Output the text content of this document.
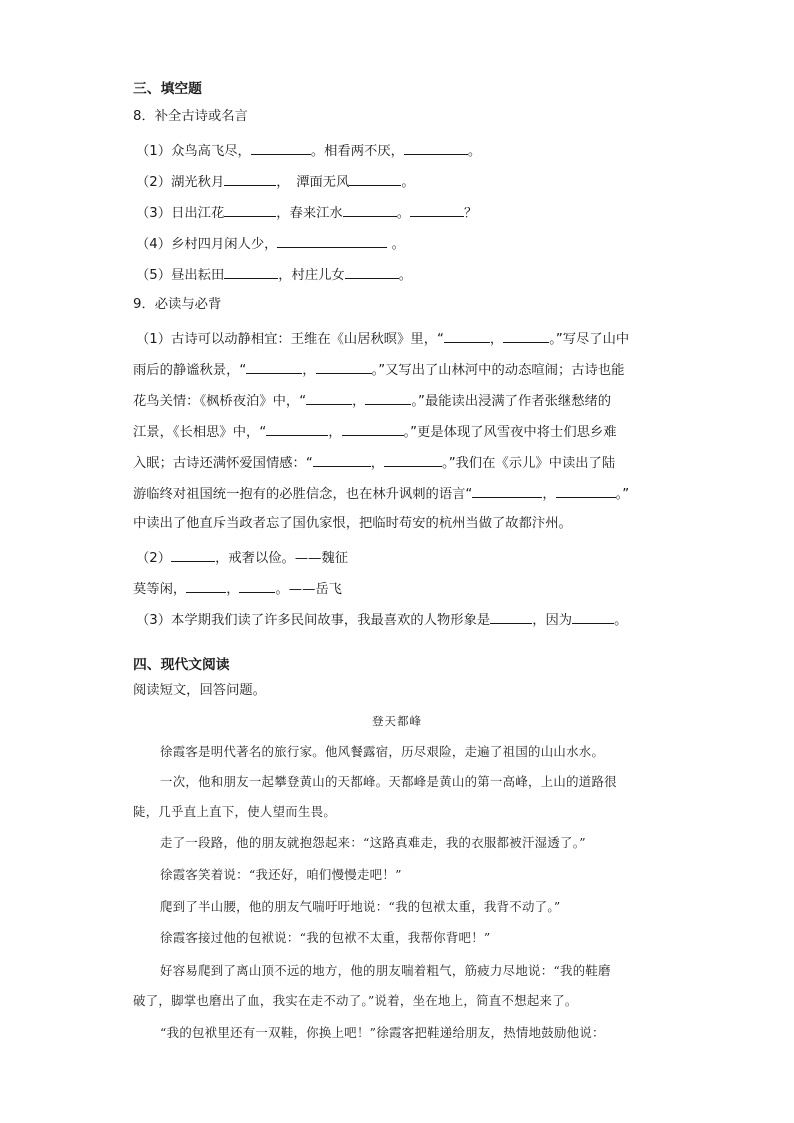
三、填空题
8．补全古诗或名言
（1）众鸟高飞尽，	。相看两不厌，	。
（2）湖光秋月	，　潭面无风	。
（3）日出江花	，春来江水	。	？
（4）乡村四月闲人少，	。
（5）昼出耘田	，村庄儿女	。
9．必读与必背
（1）古诗可以动静相宜：王维在《山居秋暝》里，“	，	。”写尽了山中
雨后的静谧秋景，“	，	。”又写出了山林河中的动态喧闹；古诗也能
花鸟关情：《枫桥夜泊》中，“	，	。”最能读出浸满了作者张继愁绪的
江景，《长相思》中，“	，	。”更是体现了风雪夜中将士们思乡难
入眠；古诗还满怀爱国情感：“	，	。”我们在《示儿》中读出了陆
游临终对祖国统一抱有的必胜信念，也在林升讽刺的语言“	，	。”
中读出了他直斥当政者忘了国仇家恨，把临时苟安的杭州当做了故都汴州。
（2）	，戒奢以俭。——魏征
莫等闲，	，	。——岳飞
（3）本学期我们读了许多民间故事，我最喜欢的人物形象是	，因为	。
四、现代文阅读
阅读短文，回答问题。
登天都峰
徐霞客是明代著名的旅行家。他风餐露宿，历尽艰险，走遍了祖国的山山水水。
一次，他和朋友一起攀登黄山的天都峰。天都峰是黄山的第一高峰，上山的道路很
陡，几乎直上直下，使人望而生畏。
走了一段路，他的朋友就抱怨起来：“这路真难走，我的衣服都被汗湿透了。”
徐霞客笑着说：“我还好，咱们慢慢走吧！”
爬到了半山腰，他的朋友气喘吁吁地说：“我的包袱太重，我背不动了。”
徐霞客接过他的包袱说：“我的包袱不太重，我帮你背吧！”
好容易爬到了离山顶不远的地方，他的朋友喘着粗气，筋疲力尽地说：“我的鞋磨
破了，脚掌也磨出了血，我实在走不动了。”说着，坐在地上，简直不想起来了。
“我的包袱里还有一双鞋，你换上吧！”徐霞客把鞋递给朋友，热情地鼓励他说：
